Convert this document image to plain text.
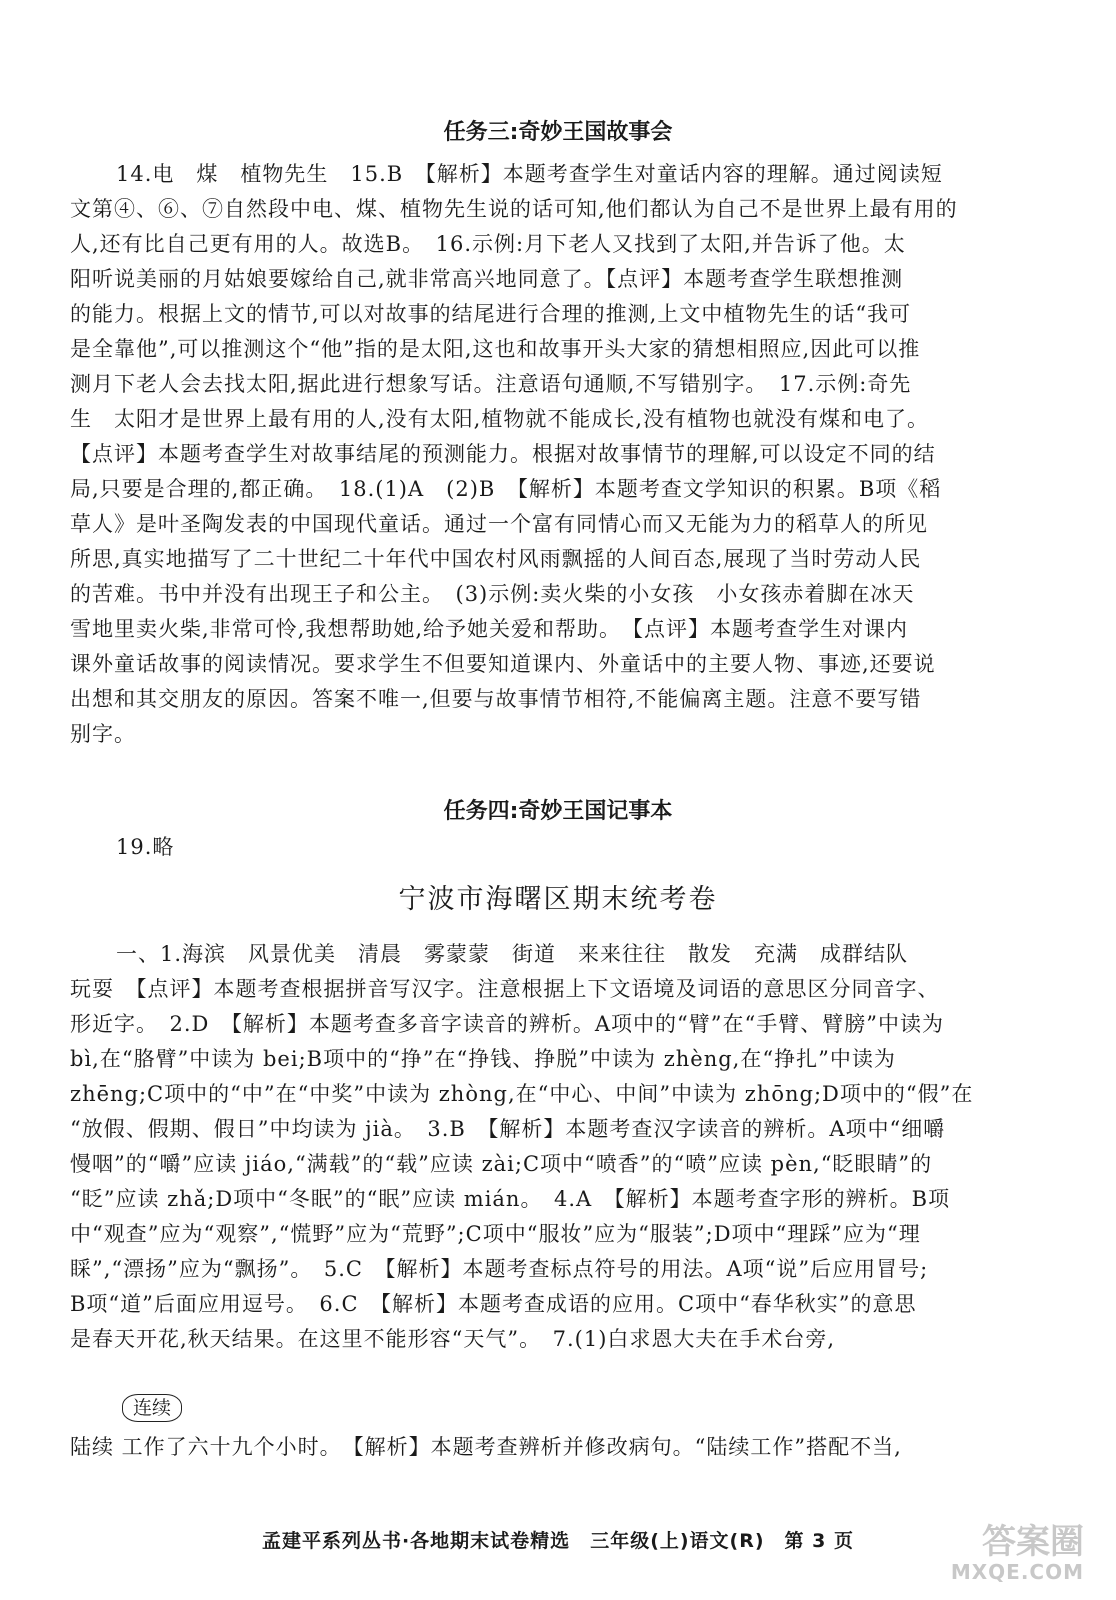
任务三:奇妙王国故事会
14.电　煤　植物先生　15.B　【解析】本题考查学生对童话内容的理解。通过阅读短
文第④、⑥、⑦自然段中电、煤、植物先生说的话可知,他们都认为自己不是世界上最有用的
人,还有比自己更有用的人。故选B。　16.示例:月下老人又找到了太阳,并告诉了他。太
阳听说美丽的月姑娘要嫁给自己,就非常高兴地同意了。【点评】本题考查学生联想推测
的能力。根据上文的情节,可以对故事的结尾进行合理的推测,上文中植物先生的话“我可
是全靠他”,可以推测这个“他”指的是太阳,这也和故事开头大家的猜想相照应,因此可以推
测月下老人会去找太阳,据此进行想象写话。注意语句通顺,不写错别字。　17.示例:奇先
生　太阳才是世界上最有用的人,没有太阳,植物就不能成长,没有植物也就没有煤和电了。
【点评】本题考查学生对故事结尾的预测能力。根据对故事情节的理解,可以设定不同的结
局,只要是合理的,都正确。　18.(1)A　(2)B　【解析】本题考查文学知识的积累。B项《稻
草人》是叶圣陶发表的中国现代童话。通过一个富有同情心而又无能为力的稻草人的所见
所思,真实地描写了二十世纪二十年代中国农村风雨飘摇的人间百态,展现了当时劳动人民
的苦难。书中并没有出现王子和公主。　(3)示例:卖火柴的小女孩　小女孩赤着脚在冰天
雪地里卖火柴,非常可怜,我想帮助她,给予她关爱和帮助。　【点评】本题考查学生对课内
课外童话故事的阅读情况。要求学生不但要知道课内、外童话中的主要人物、事迹,还要说
出想和其交朋友的原因。答案不唯一,但要与故事情节相符,不能偏离主题。注意不要写错
别字。
任务四:奇妙王国记事本
19.略
宁波市海曙区期末统考卷
一、1.海滨　风景优美　清晨　雾蒙蒙　街道　来来往往　散发　充满　成群结队
玩耍　【点评】本题考查根据拼音写汉字。注意根据上下文语境及词语的意思区分同音字、
形近字。　2.D　【解析】本题考查多音字读音的辨析。A项中的“臂”在“手臂、臂膀”中读为
bì,在“胳臂”中读为 bei;B项中的“挣”在“挣钱、挣脱”中读为 zhèng,在“挣扎”中读为
zhēng;C项中的“中”在“中奖”中读为 zhòng,在“中心、中间”中读为 zhōng;D项中的“假”在
“放假、假期、假日”中均读为 jià。　3.B　【解析】本题考查汉字读音的辨析。A项中“细嚼
慢咽”的“嚼”应读 jiáo,“满载”的“载”应读 zài;C项中“喷香”的“喷”应读 pèn,“眨眼睛”的
“眨”应读 zhǎ;D项中“冬眠”的“眠”应读 mián。　4.A　【解析】本题考查字形的辨析。B项
中“观查”应为“观察”,“慌野”应为“荒野”;C项中“服妆”应为“服装”;D项中“理踩”应为“理
睬”,“漂扬”应为“飘扬”。　5.C　【解析】本题考查标点符号的用法。A项“说”后应用冒号;
B项“道”后面应用逗号。　6.C　【解析】本题考查成语的应用。C项中“春华秋实”的意思
是春天开花,秋天结果。在这里不能形容“天气”。　7.(1)白求恩大夫在手术台旁,
连续
陆续 工作了六十九个小时。　【解析】本题考查辨析并修改病句。“陆续工作”搭配不当,
孟建平系列丛书·各地期末试卷精选　三年级(上)语文(R)　第 3 页	答案圈
MXQE.COM
